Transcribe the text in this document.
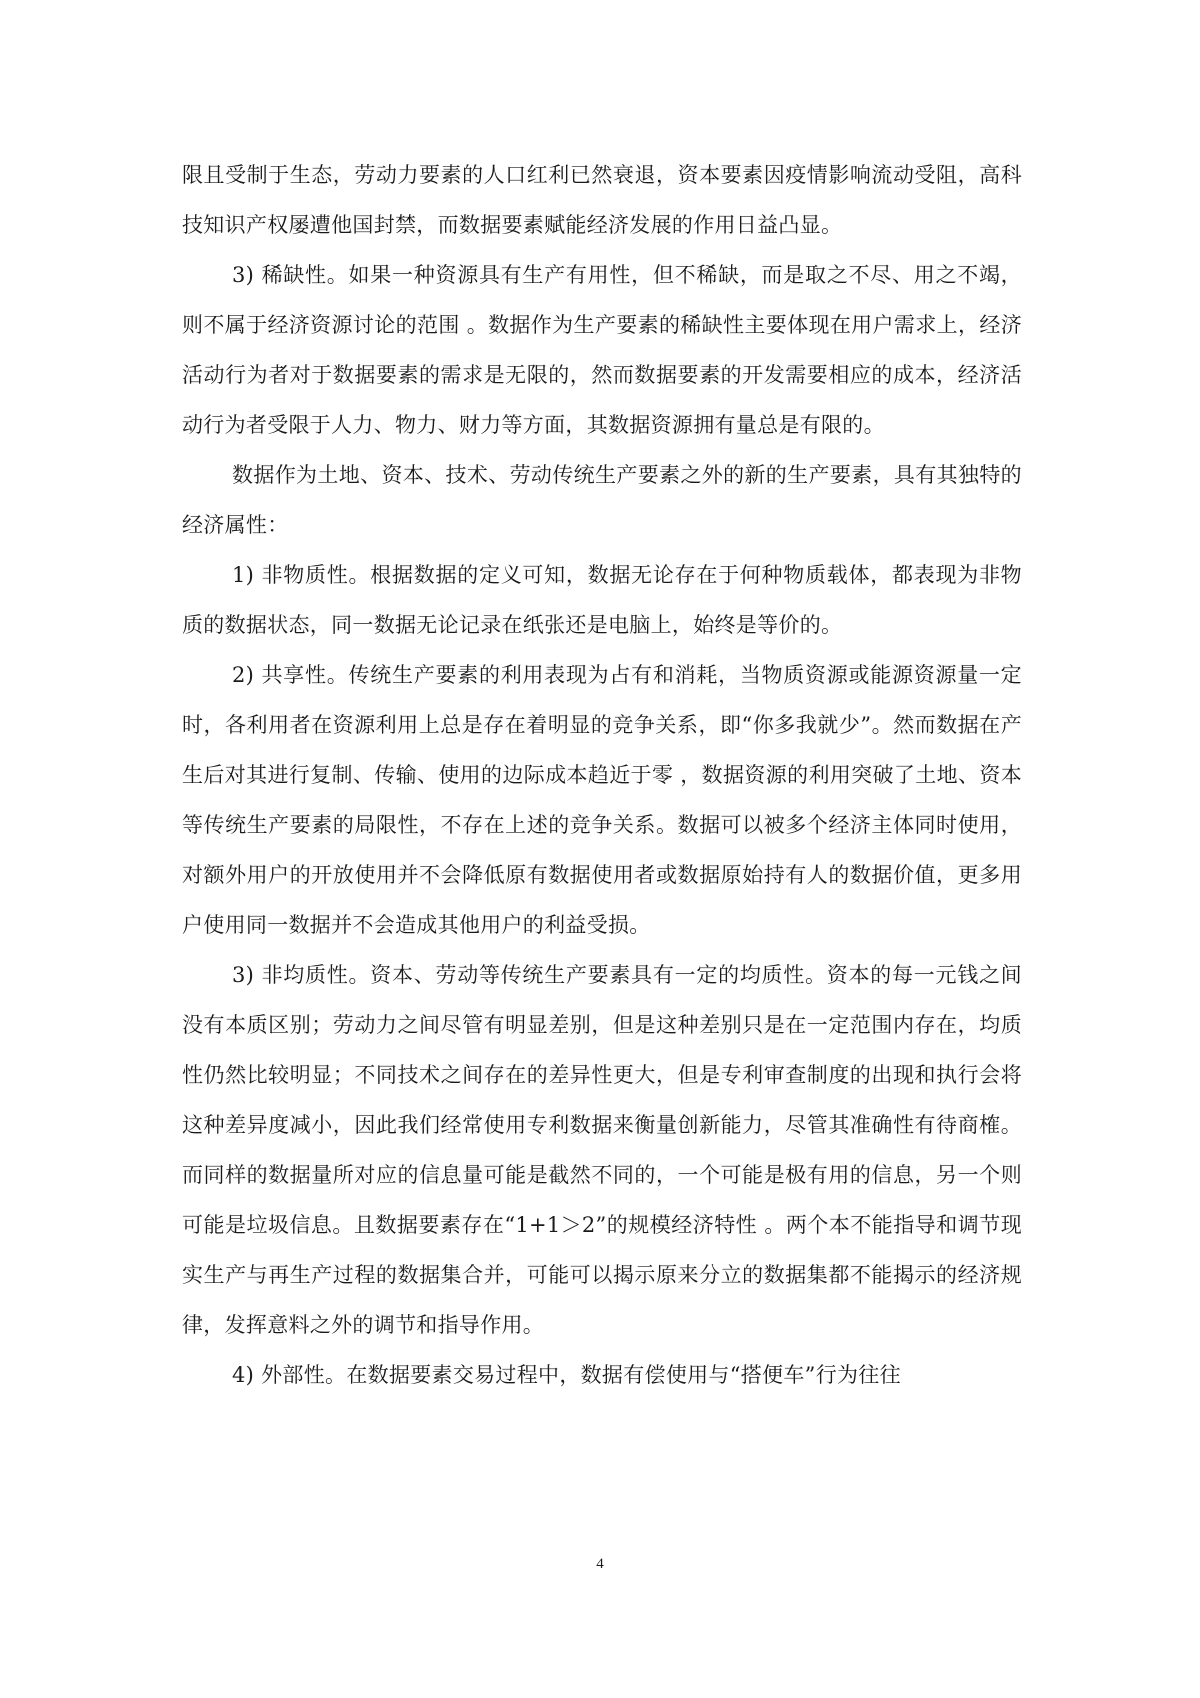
限且受制于生态，劳动力要素的人口红利已然衰退，资本要素因疫情影响流动受阻，高科技知识产权屡遭他国封禁，而数据要素赋能经济发展的作用日益凸显。

3) 稀缺性。如果一种资源具有生产有用性，但不稀缺，而是取之不尽、用之不竭，则不属于经济资源讨论的范围 。数据作为生产要素的稀缺性主要体现在用户需求上，经济活动行为者对于数据要素的需求是无限的，然而数据要素的开发需要相应的成本，经济活动行为者受限于人力、物力、财力等方面，其数据资源拥有量总是有限的。

数据作为土地、资本、技术、劳动传统生产要素之外的新的生产要素，具有其独特的经济属性：

1) 非物质性。根据数据的定义可知，数据无论存在于何种物质载体，都表现为非物质的数据状态，同一数据无论记录在纸张还是电脑上，始终是等价的。

2) 共享性。传统生产要素的利用表现为占有和消耗，当物质资源或能源资源量一定时，各利用者在资源利用上总是存在着明显的竞争关系，即“你多我就少”。然而数据在产生后对其进行复制、传输、使用的边际成本趋近于零 ，数据资源的利用突破了土地、资本等传统生产要素的局限性，不存在上述的竞争关系。数据可以被多个经济主体同时使用，对额外用户的开放使用并不会降低原有数据使用者或数据原始持有人的数据价值，更多用户使用同一数据并不会造成其他用户的利益受损。

3) 非均质性。资本、劳动等传统生产要素具有一定的均质性。资本的每一元钱之间没有本质区别；劳动力之间尽管有明显差别，但是这种差别只是在一定范围内存在，均质性仍然比较明显；不同技术之间存在的差异性更大，但是专利审查制度的出现和执行会将这种差异度减小，因此我们经常使用专利数据来衡量创新能力，尽管其准确性有待商榷。而同样的数据量所对应的信息量可能是截然不同的，一个可能是极有用的信息，另一个则可能是垃圾信息。且数据要素存在“1+1＞2”的规模经济特性 。两个本不能指导和调节现实生产与再生产过程的数据集合并，可能可以揭示原来分立的数据集都不能揭示的经济规律，发挥意料之外的调节和指导作用。

4) 外部性。在数据要素交易过程中，数据有偿使用与“搭便车”行为往往

4
